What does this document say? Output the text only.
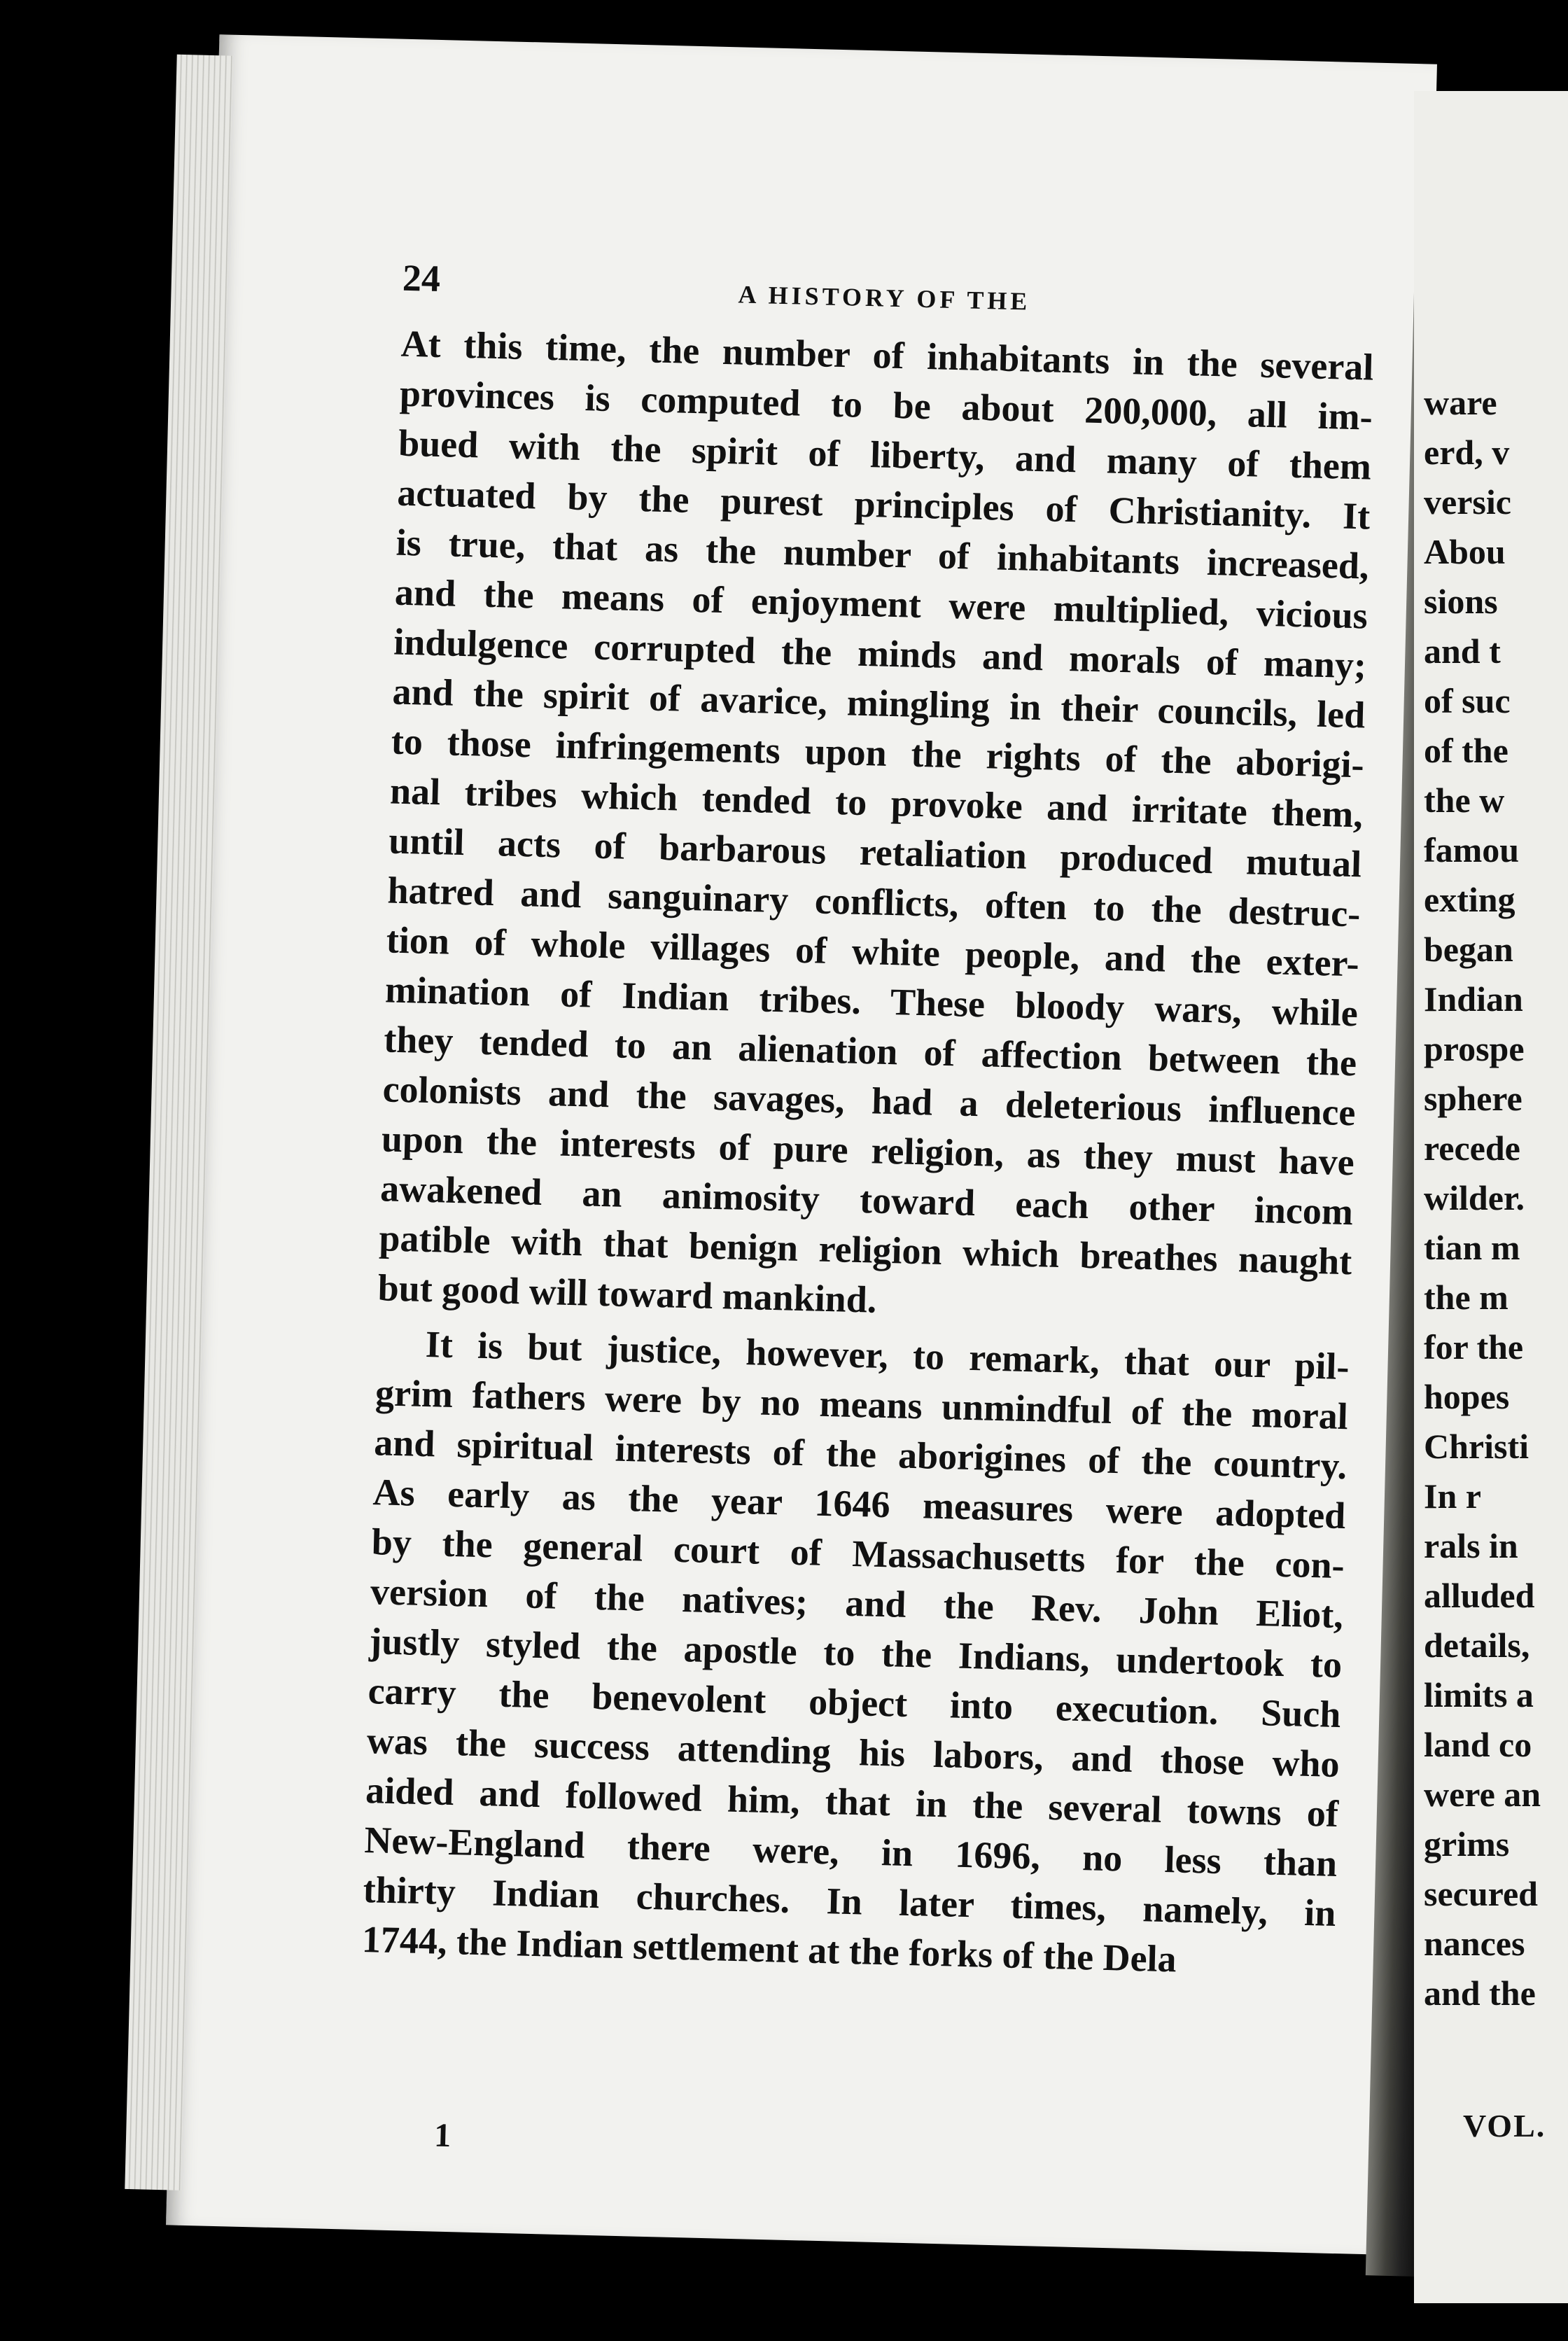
24	A HISTORY OF THE
At this time, the number of inhabitants in the several
provinces is computed to be about 200,000, all im-
bued with the spirit of liberty, and many of them
actuated by the purest principles of Christianity. It
is true, that as the number of inhabitants increased,
and the means of enjoyment were multiplied, vicious
indulgence corrupted the minds and morals of many;
and the spirit of avarice, mingling in their councils, led
to those infringements upon the rights of the aborigi-
nal tribes which tended to provoke and irritate them,
until acts of barbarous retaliation produced mutual
hatred and sanguinary conflicts, often to the destruc-
tion of whole villages of white people, and the exter-
mination of Indian tribes. These bloody wars, while
they tended to an alienation of affection between the
colonists and the savages, had a deleterious influence
upon the interests of pure religion, as they must have
awakened an animosity toward each other incom
patible with that benign religion which breathes naught
but good will toward mankind.
It is but justice, however, to remark, that our pil-
grim fathers were by no means unmindful of the moral
and spiritual interests of the aborigines of the country.
As early as the year 1646 measures were adopted
by the general court of Massachusetts for the con-
version of the natives; and the Rev. John Eliot,
justly styled the apostle to the Indians, undertook to
carry the benevolent object into execution. Such
was the success attending his labors, and those who
aided and followed him, that in the several towns of
New-England there were, in 1696, no less than
thirty Indian churches. In later times, namely, in
1744, the Indian settlement at the forks of the Dela
1
ware
erd, v
versic
Abou
sions
and t
of suc
of the
the w
famou
exting
began
Indian
prospe
sphere
recede
wilder.
tian m
the m
for the
hopes
Christi
In r
rals in
alluded
details,
limits a
land co
were an
grims
secured
nances
and the
VOL.
